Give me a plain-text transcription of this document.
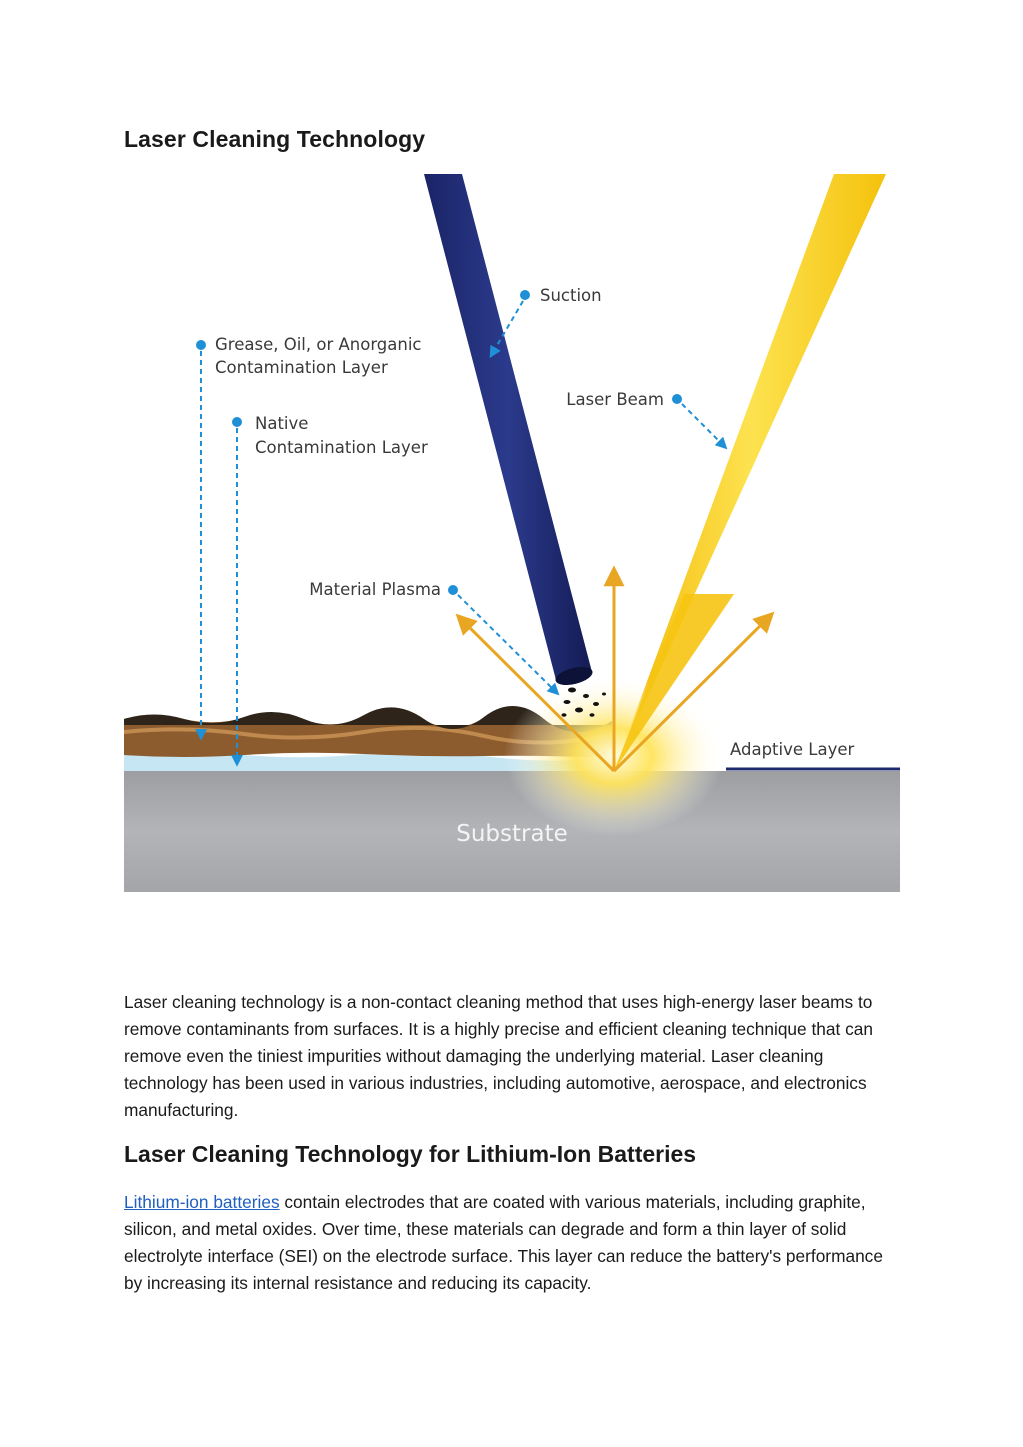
Laser Cleaning Technology
Substrate
Suction
Laser Beam
Grease, Oil, or Anorganic
Contamination Layer
Native
Contamination Layer
Material Plasma
Adaptive Layer

Laser cleaning technology is a non-contact cleaning method that uses high-energy laser beams to remove contaminants from surfaces. It is a highly precise and efficient cleaning technique that can remove even the tiniest impurities without damaging the underlying material. Laser cleaning technology has been used in various industries, including automotive, aerospace, and electronics manufacturing.

Laser Cleaning Technology for Lithium-Ion Batteries

Lithium-ion batteries contain electrodes that are coated with various materials, including graphite, silicon, and metal oxides. Over time, these materials can degrade and form a thin layer of solid electrolyte interface (SEI) on the electrode surface. This layer can reduce the battery's performance by increasing its internal resistance and reducing its capacity.
